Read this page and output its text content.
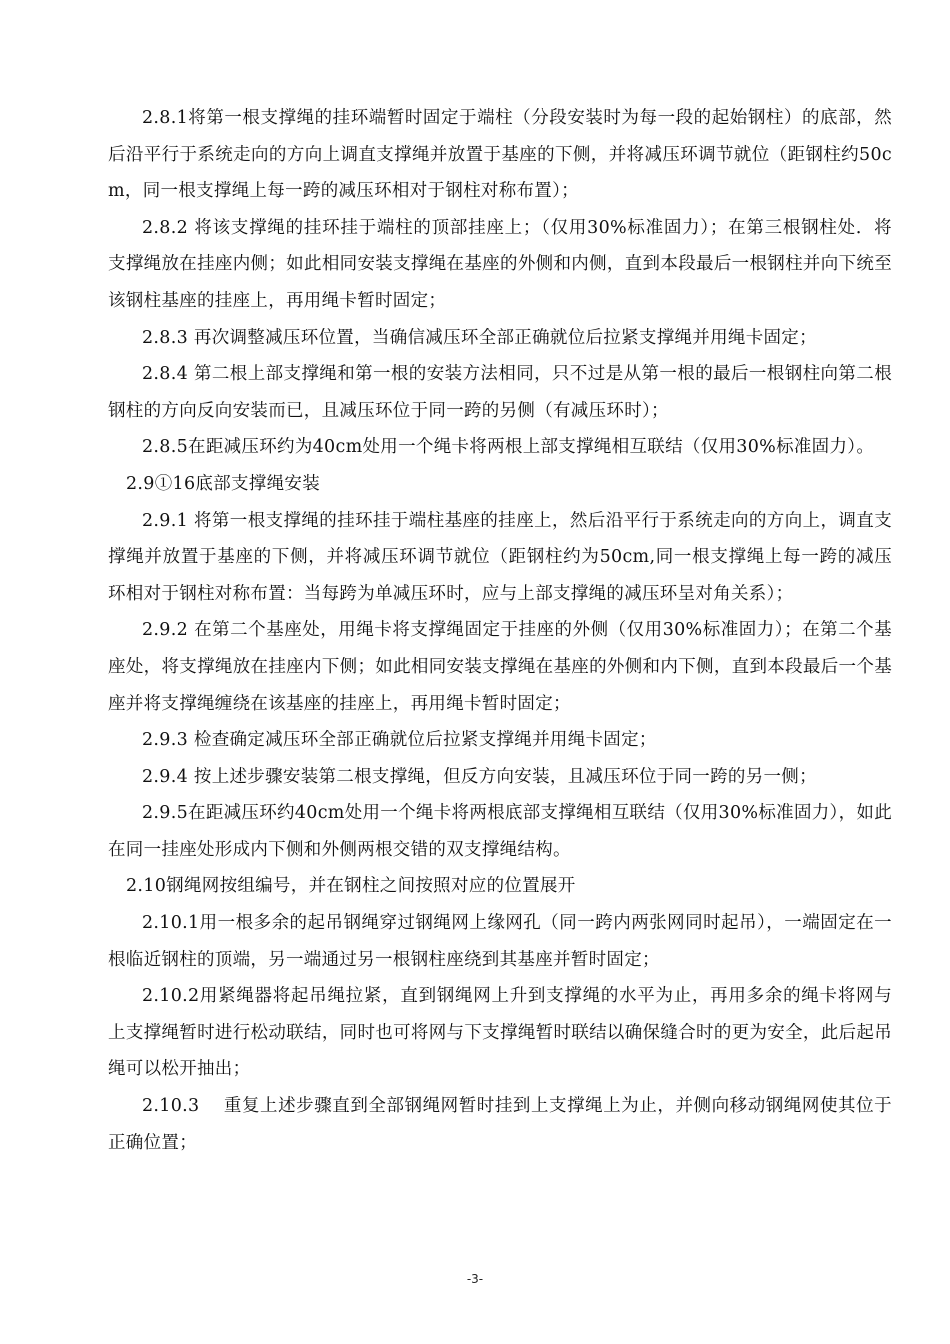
2.8.1将第一根支撑绳的挂环端暂时固定于端柱（分段安装时为每一段的起始钢柱）的底部，然后沿平行于系统走向的方向上调直支撑绳并放置于基座的下侧，并将减压环调节就位（距钢柱约50cm，同一根支撑绳上每一跨的减压环相对于钢柱对称布置）；

2.8.2 将该支撑绳的挂环挂于端柱的顶部挂座上；（仅用30%标准固力）；在第三根钢柱处．将支撑绳放在挂座内侧；如此相同安装支撑绳在基座的外侧和内侧，直到本段最后一根钢柱并向下统至该钢柱基座的挂座上，再用绳卡暂时固定；

2.8.3 再次调整减压环位置，当确信减压环全部正确就位后拉紧支撑绳并用绳卡固定；

2.8.4 第二根上部支撑绳和第一根的安装方法相同，只不过是从第一根的最后一根钢柱向第二根钢柱的方向反向安装而已，且减压环位于同一跨的另侧（有减压环时）；

2.8.5在距减压环约为40cm处用一个绳卡将两根上部支撑绳相互联结（仅用30%标准固力）。

2.9①16底部支撑绳安装

2.9.1 将第一根支撑绳的挂环挂于端柱基座的挂座上，然后沿平行于系统走向的方向上，调直支撑绳并放置于基座的下侧，并将减压环调节就位（距钢柱约为50cm,同一根支撑绳上每一跨的减压环相对于钢柱对称布置：当每跨为单减压环时，应与上部支撑绳的减压环呈对角关系）；

2.9.2 在第二个基座处，用绳卡将支撑绳固定于挂座的外侧（仅用30%标准固力）；在第二个基座处，将支撑绳放在挂座内下侧；如此相同安装支撑绳在基座的外侧和内下侧，直到本段最后一个基座并将支撑绳缠绕在该基座的挂座上，再用绳卡暂时固定；

2.9.3 检查确定减压环全部正确就位后拉紧支撑绳并用绳卡固定；

2.9.4 按上述步骤安装第二根支撑绳，但反方向安装，且减压环位于同一跨的另一侧；

2.9.5在距减压环约40cm处用一个绳卡将两根底部支撑绳相互联结（仅用30%标准固力），如此在同一挂座处形成内下侧和外侧两根交错的双支撑绳结构。

2.10钢绳网按组编号，并在钢柱之间按照对应的位置展开

2.10.1用一根多余的起吊钢绳穿过钢绳网上缘网孔（同一跨内两张网同时起吊），一端固定在一根临近钢柱的顶端，另一端通过另一根钢柱座绕到其基座并暂时固定；

2.10.2用紧绳器将起吊绳拉紧，直到钢绳网上升到支撑绳的水平为止，再用多余的绳卡将网与上支撑绳暂时进行松动联结，同时也可将网与下支撑绳暂时联结以确保缝合时的更为安全，此后起吊绳可以松开抽出；

2.10.3　 重复上述步骤直到全部钢绳网暂时挂到上支撑绳上为止，并侧向移动钢绳网使其位于正确位置；

-3-
